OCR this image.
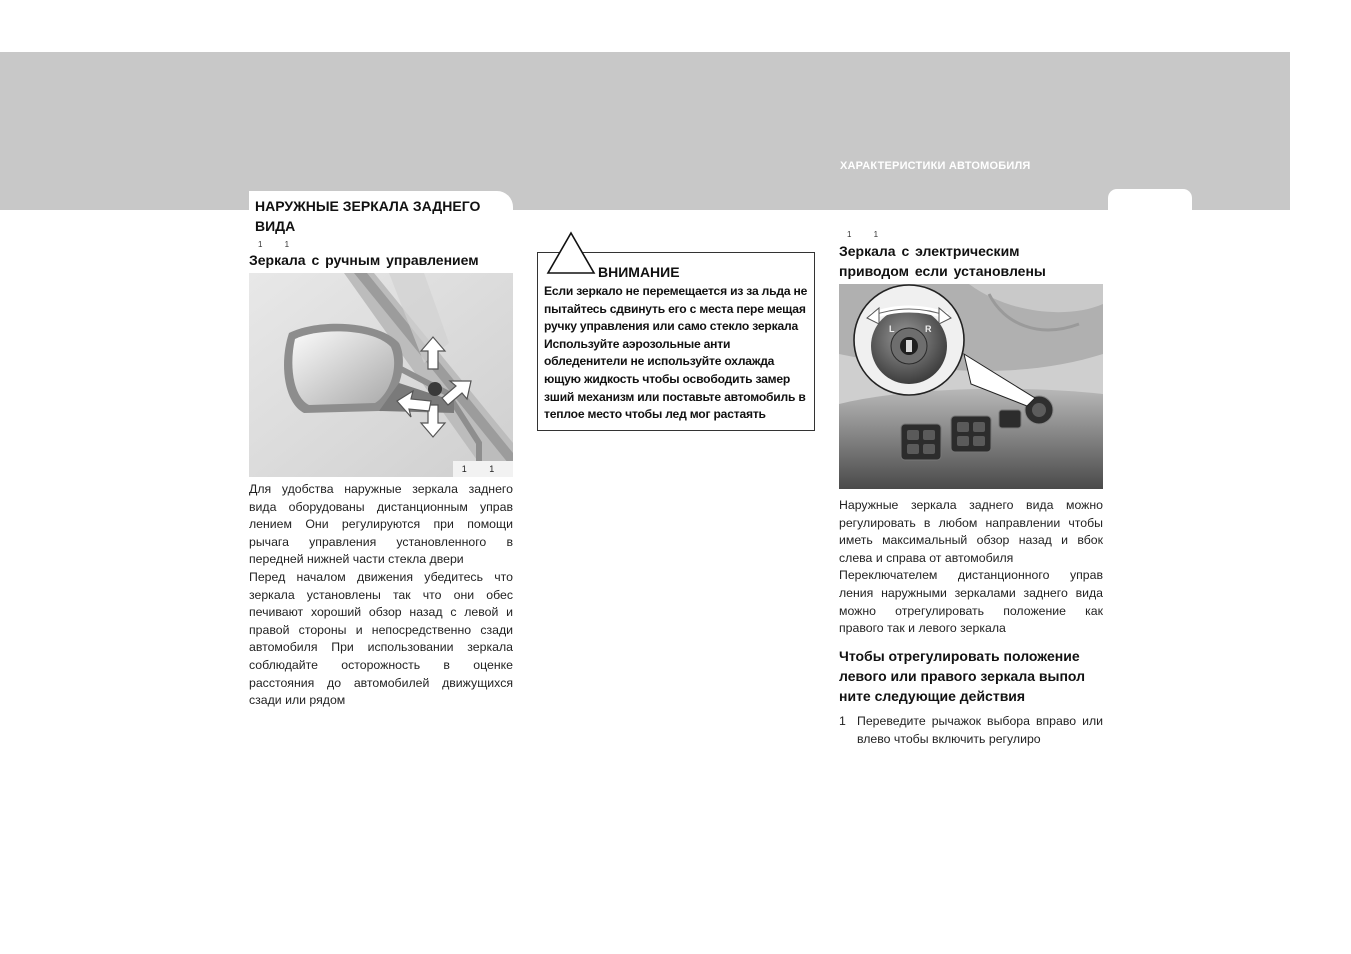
ХАРАКТЕРИСТИКИ АВТОМОБИЛЯ
НАРУЖНЫЕ ЗЕРКАЛА ЗАДНЕГО ВИДА
1 1
Зеркала с ручным управлением
1 1

Для удобства наружные зеркала заднего вида оборудованы дистанционным управ лением Они регулируются при помощи рычага управления установленного в передней нижней части стекла двери

Перед началом движения убедитесь что зеркала установлены так что они обес печивают хороший обзор назад с левой и правой стороны и непосредственно сзади автомобиля При использовании зеркала соблюдайте осторожность в оценке расстояния до автомобилей движущихся сзади или рядом

ВНИМАНИЕ
Если зеркало не перемещается из за льда не пытайтесь сдвинуть его с места пере мещая ручку управления или само стекло зеркала Используйте аэрозольные анти обледенители не используйте охлажда ющую жидкость чтобы освободить замер зший механизм или поставьте автомобиль в теплое место чтобы лед мог растаять
1 1
Зеркала с электрическим приводом если установлены
L	R

Наружные зеркала заднего вида можно регулировать в любом направлении чтобы иметь максимальный обзор назад и вбок слева и справа от автомобиля

Переключателем дистанционного управ ления наружными зеркалами заднего вида можно отрегулировать положение как правого так и левого зеркала

Чтобы отрегулировать положение левого или правого зеркала выпол ните следующие действия
1 Переведите рычажок выбора вправо или влево чтобы включить регулиро
